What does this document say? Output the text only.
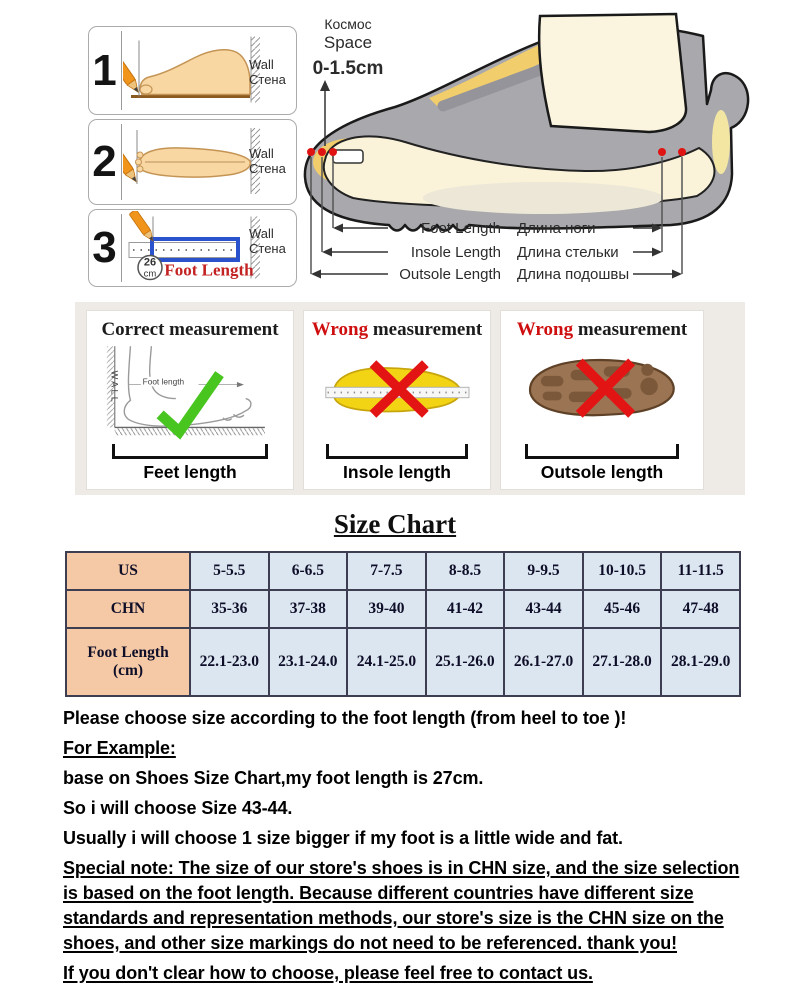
1	Wall
Стена
2	Wall
Стена
3 26
cm Foot Length
Wall
Стена
Космос
Space
0-1.5cm
Foot Length Длина ноги
Insole Length Длина стельки
Outsole Length Длина подошвы

Correct measurement

WALL Foot length

Feet length

Wrong measurement

Insole length

Wrong measurement

Outsole length

Size Chart
US	5-5.5	6-6.5	7-7.5	8-8.5	9-9.5	10-10.5	11-11.5
CHN	35-36	37-38	39-40	41-42	43-44	45-46	47-48

Foot Length
(cm)	22.1-23.0	23.1-24.0	24.1-25.0	25.1-26.0	26.1-27.0	27.1-28.0	28.1-29.0

Please choose size according to the foot length (from heel to toe )!

For Example:

base on Shoes Size Chart,my foot length is 27cm.

So i will choose Size 43-44.

Usually i will choose 1 size bigger if my foot is a little wide and fat.

Special note: The size of our store's shoes is in CHN size, and the size selection is based on the foot length. Because different countries have different size standards and representation methods, our store's size is the CHN size on the shoes, and other size markings do not need to be referenced. thank you!

If you don't clear how to choose, please feel free to contact us.
